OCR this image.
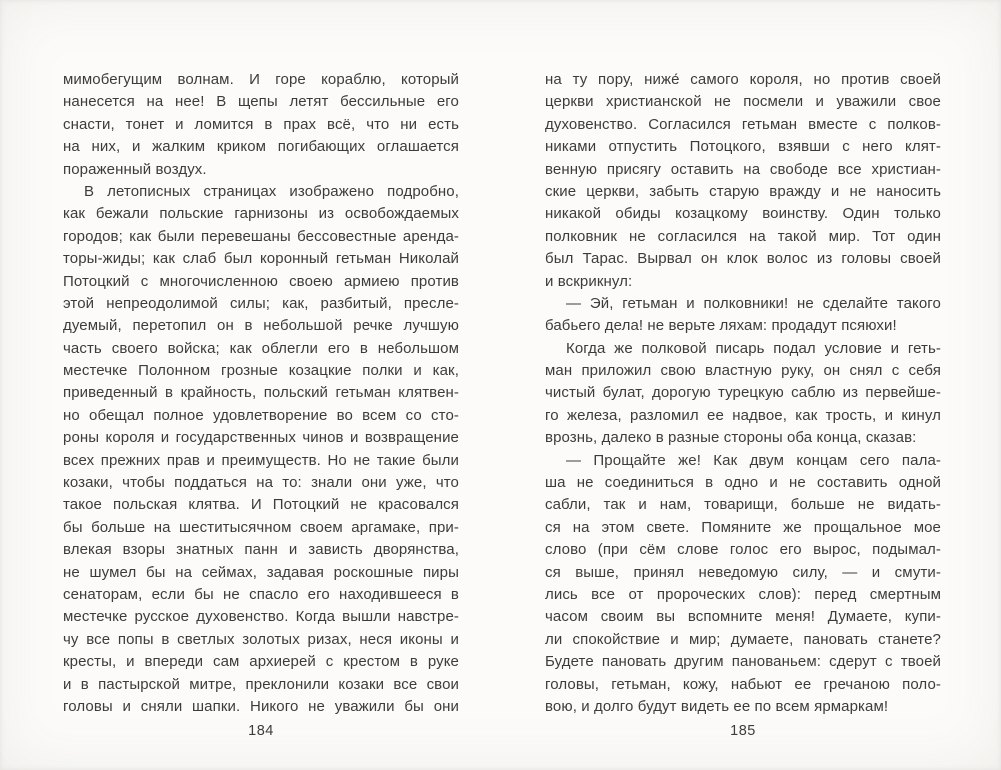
мимобегущим волнам. И горе кораблю, который
нанесется на нее! В щепы летят бессильные его
снасти, тонет и ломится в прах всё, что ни есть
на них, и жалким криком погибающих оглашается
пораженный воздух.
В летописных страницах изображено подробно,
как бежали польские гарнизоны из освобождаемых
городов; как были перевешаны бессовестные аренда-
торы-жиды; как слаб был коронный гетьман Николай
Потоцкий с многочисленною своею армиею против
этой непреодолимой силы; как, разбитый, пресле-
дуемый, перетопил он в небольшой речке лучшую
часть своего войска; как облегли его в небольшом
местечке Полонном грозные козацкие полки и как,
приведенный в крайность, польский гетьман клятвен-
но обещал полное удовлетворение во всем со сто-
роны короля и государственных чинов и возвращение
всех прежних прав и преимуществ. Но не такие были
козаки, чтобы поддаться на то: знали они уже, что
такое польская клятва. И Потоцкий не красовался
бы больше на шеститысячном своем аргамаке, при-
влекая взоры знатных панн и зависть дворянства,
не шумел бы на сеймах, задавая роскошные пиры
сенаторам, если бы не спасло его находившееся в
местечке русское духовенство. Когда вышли навстре-
чу все попы в светлых золотых ризах, неся иконы и
кресты, и впереди сам архиерей с крестом в руке
и в пастырской митре, преклонили козаки все свои
головы и сняли шапки. Никого не уважили бы они
184
на ту пору, ниже́ самого короля, но против своей
церкви христианской не посмели и уважили свое
духовенство. Согласился гетьман вместе с полков-
никами отпустить Потоцкого, взявши с него клят-
венную присягу оставить на свободе все христиан-
ские церкви, забыть старую вражду и не наносить
никакой обиды козацкому воинству. Один только
полковник не согласился на такой мир. Тот один
был Тарас. Вырвал он клок волос из головы своей
и вскрикнул:
— Эй, гетьман и полковники! не сделайте такого
бабьего дела! не верьте ляхам: продадут псяюхи!
Когда же полковой писарь подал условие и геть-
ман приложил свою властную руку, он снял с себя
чистый булат, дорогую турецкую саблю из первейше-
го железа, разломил ее надвое, как трость, и кинул
врознь, далеко в разные стороны оба конца, сказав:
— Прощайте же! Как двум концам сего пала-
ша не соединиться в одно и не составить одной
сабли, так и нам, товарищи, больше не видать-
ся на этом свете. Помяните же прощальное мое
слово (при сём слове голос его вырос, подымал-
ся выше, принял неведомую силу, — и смути-
лись все от пророческих слов): перед смертным
часом своим вы вспомните меня! Думаете, купи-
ли спокойствие и мир; думаете, пановать станете?
Будете пановать другим панованьем: сдерут с твоей
головы, гетьман, кожу, набьют ее гречаною поло-
вою, и долго будут видеть ее по всем ярмаркам!
185
